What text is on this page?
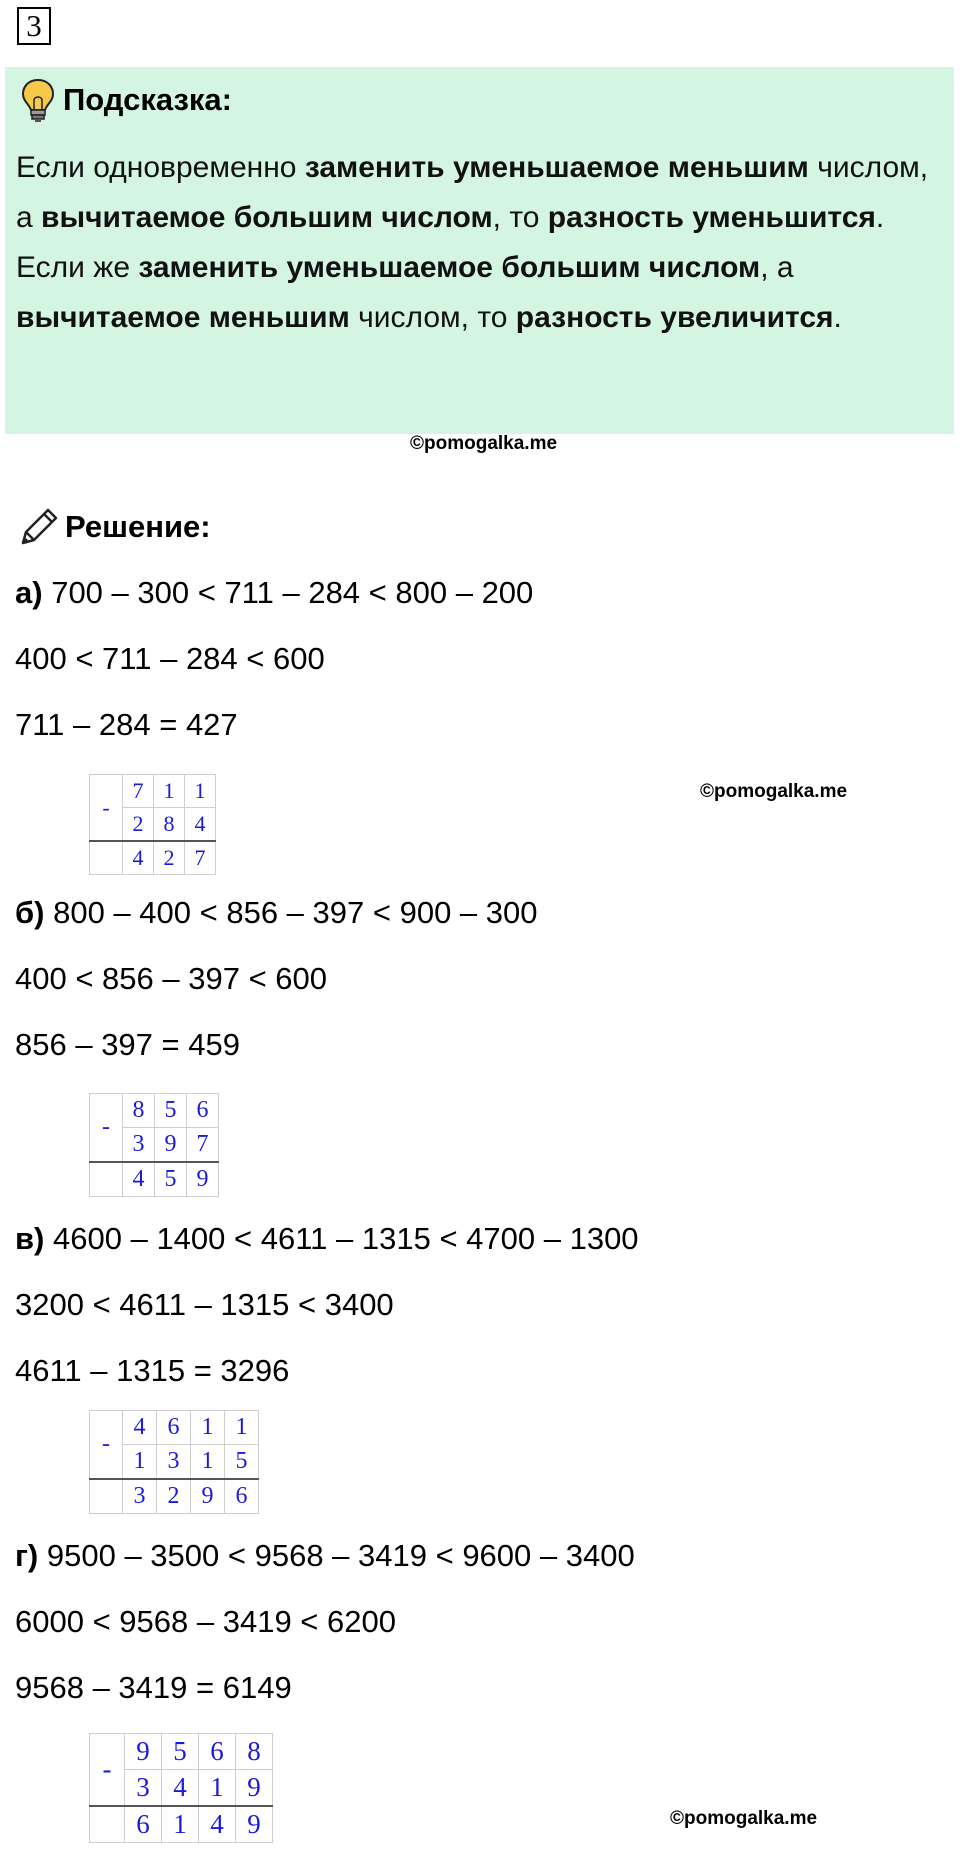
3
Подсказка:
Если одновременно заменить уменьшаемое меньшим числом, а вычитаемое большим числом, то разность уменьшится.
Если же заменить уменьшаемое большим числом, а вычитаемое меньшим числом, то разность увеличится.
©pomogalka.me
Решение:
а) 700 – 300 < 711 – 284 < 800 – 200
400 < 711 – 284 < 600
711 – 284 = 427
-	7	1	1
	2	8	4
	4	2	7
©pomogalka.me
б) 800 – 400 < 856 – 397 < 900 – 300
400 < 856 – 397 < 600
856 – 397 = 459
-	8	5	6
	3	9	7
	4	5	9
в) 4600 – 1400 < 4611 – 1315 < 4700 – 1300
3200 < 4611 – 1315 < 3400
4611 – 1315 = 3296
-	4	6	1	1
	1	3	1	5
	3	2	9	6
г) 9500 – 3500 < 9568 – 3419 < 9600 – 3400
6000 < 9568 – 3419 < 6200
9568 – 3419 = 6149
-	9	5	6	8
	3	4	1	9
	6	1	4	9	©pomogalka.me
